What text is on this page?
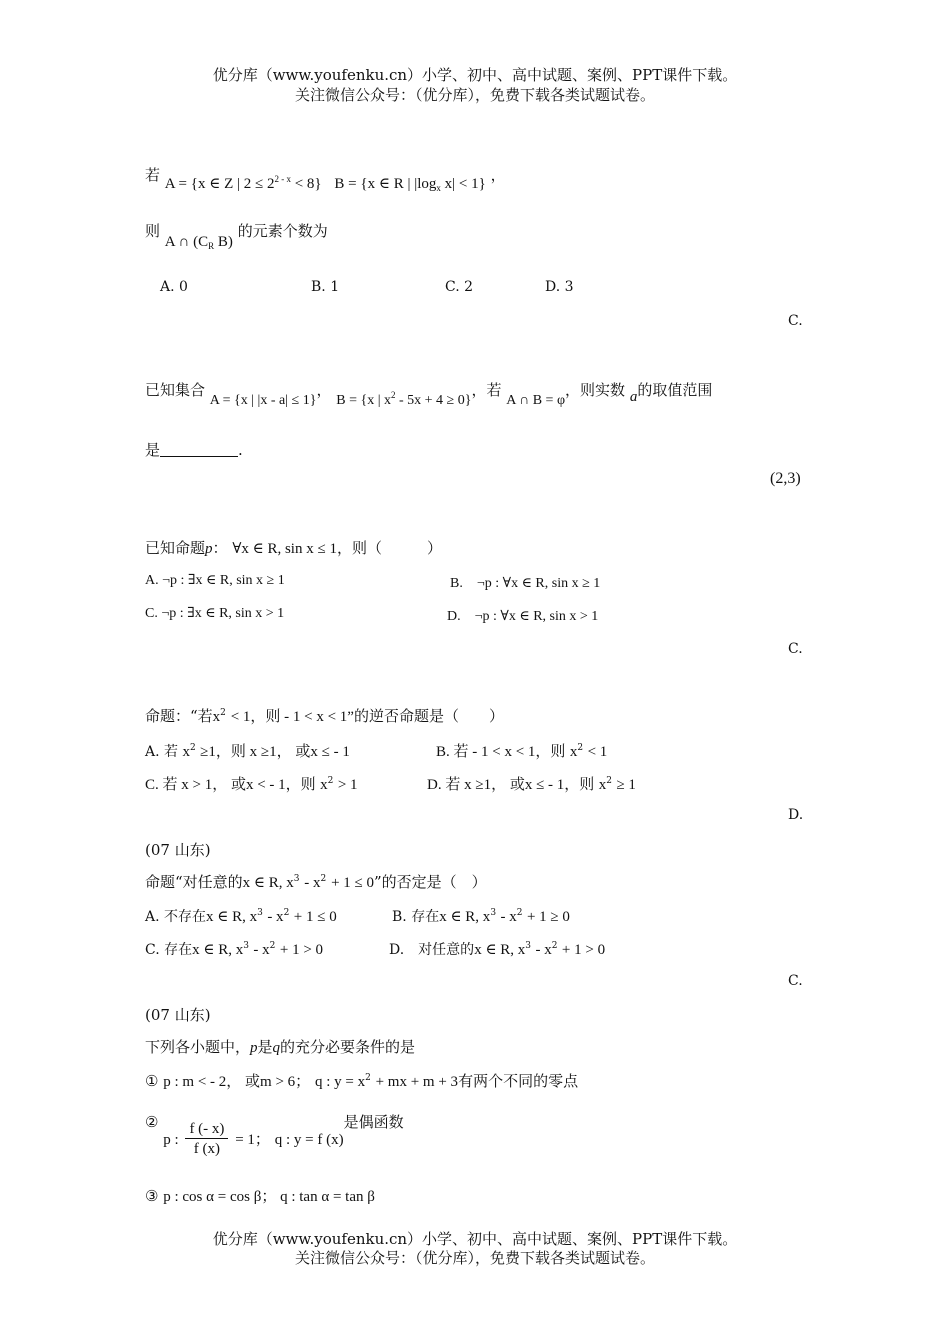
优分库（www.youfenku.cn）小学、初中、高中试题、案例、PPT课件下载。
关注微信公众号：（优分库），免费下载各类试题试卷。
若 A = {x ∈ Z | $2 \le 2^{2 - x} < 8$} B = {x ∈ R | $|\log_x$ x| < 1} ，
则 A ∩ ($C_R$ B) 的元素个数为
A. 0	B. 1	C. 2	D. 3
C.
已知集合 A = {x | |x - a| ≤ 1}， B = {x | $x^2 - 5x + 4 \ge 0$}，若 A ∩ B = φ，则实数 a的取值范围
是	.
(2,3)
已知命题p： ∀x ∈ R, sin x ≤ 1，则（　　　）
A. ¬p : ∃x ∈ R, sin x ≥ 1	B.　¬p : ∀x ∈ R, sin x ≥ 1
C. ¬p : ∃x ∈ R, sin x > 1	D.　¬p : ∀x ∈ R, sin x > 1
C.
命题：“若$x^2 < 1$，则 - 1 < x < 1”的逆否命题是（　　）
A. 若 $x^2 \ge 1$，则 x ≥1， 或x ≤ - 1	B. 若 - 1 < x < 1，则 $x^2 < 1$
C. 若 x > 1， 或x < - 1，则 $x^2 > 1$	D. 若 x ≥1， 或x ≤ - 1，则 $x^2 \ge 1$
D.
(07 山东)
命题“对任意的x ∈ R, $x^3 - x^2 + 1 \le 0$”的否定是（　）
A. 不存在x ∈ R, $x^3 - x^2 + 1 \le 0$	B. 存在x ∈ R, $x^3 - x^2 + 1 \ge 0$
C. 存在x ∈ R, $x^3 - x^2 + 1 > 0$	D.　对任意的x ∈ R, $x^3 - x^2 + 1 > 0$
C.
(07 山东)
下列各小题中，p是q的充分必要条件的是
① p : m < - 2， 或m > 6； q : $y = x^2$ + mx + m + 3有两个不同的零点
② p : $\frac{f (- x)}{f (x)} = 1$； q : y = f (x)是偶函数
③ p : cos α = cos β； q : tan α = tan β
优分库（www.youfenku.cn）小学、初中、高中试题、案例、PPT课件下载。
关注微信公众号：（优分库），免费下载各类试题试卷。
